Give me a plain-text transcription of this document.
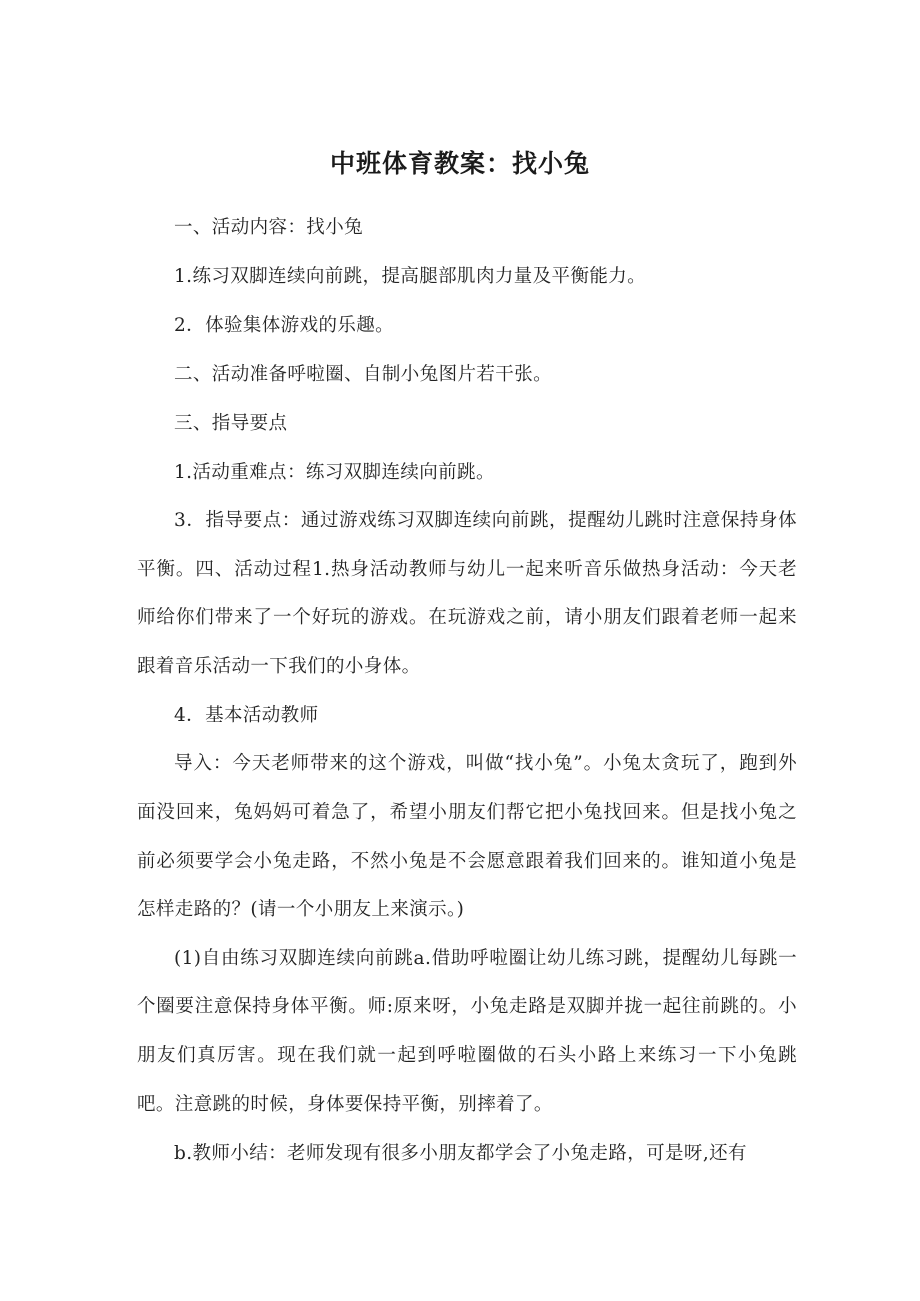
中班体育教案：找小兔

一、活动内容：找小兔

1.练习双脚连续向前跳，提高腿部肌肉力量及平衡能力。

2．体验集体游戏的乐趣。

二、活动准备呼啦圈、自制小兔图片若干张。

三、指导要点

1.活动重难点：练习双脚连续向前跳。

3．指导要点：通过游戏练习双脚连续向前跳，提醒幼儿跳时注意保持身体平衡。四、活动过程1.热身活动教师与幼儿一起来听音乐做热身活动：今天老师给你们带来了一个好玩的游戏。在玩游戏之前，请小朋友们跟着老师一起来跟着音乐活动一下我们的小身体。

4．基本活动教师

导入：今天老师带来的这个游戏，叫做“找小兔”。小兔太贪玩了，跑到外面没回来，兔妈妈可着急了，希望小朋友们帮它把小兔找回来。但是找小兔之前必须要学会小兔走路，不然小兔是不会愿意跟着我们回来的。谁知道小兔是怎样走路的？(请一个小朋友上来演示。)

(1)自由练习双脚连续向前跳a.借助呼啦圈让幼儿练习跳，提醒幼儿每跳一个圈要注意保持身体平衡。师:原来呀，小兔走路是双脚并拢一起往前跳的。小朋友们真厉害。现在我们就一起到呼啦圈做的石头小路上来练习一下小兔跳吧。注意跳的时候，身体要保持平衡，别摔着了。

b.教师小结：老师发现有很多小朋友都学会了小兔走路，可是呀,还有
